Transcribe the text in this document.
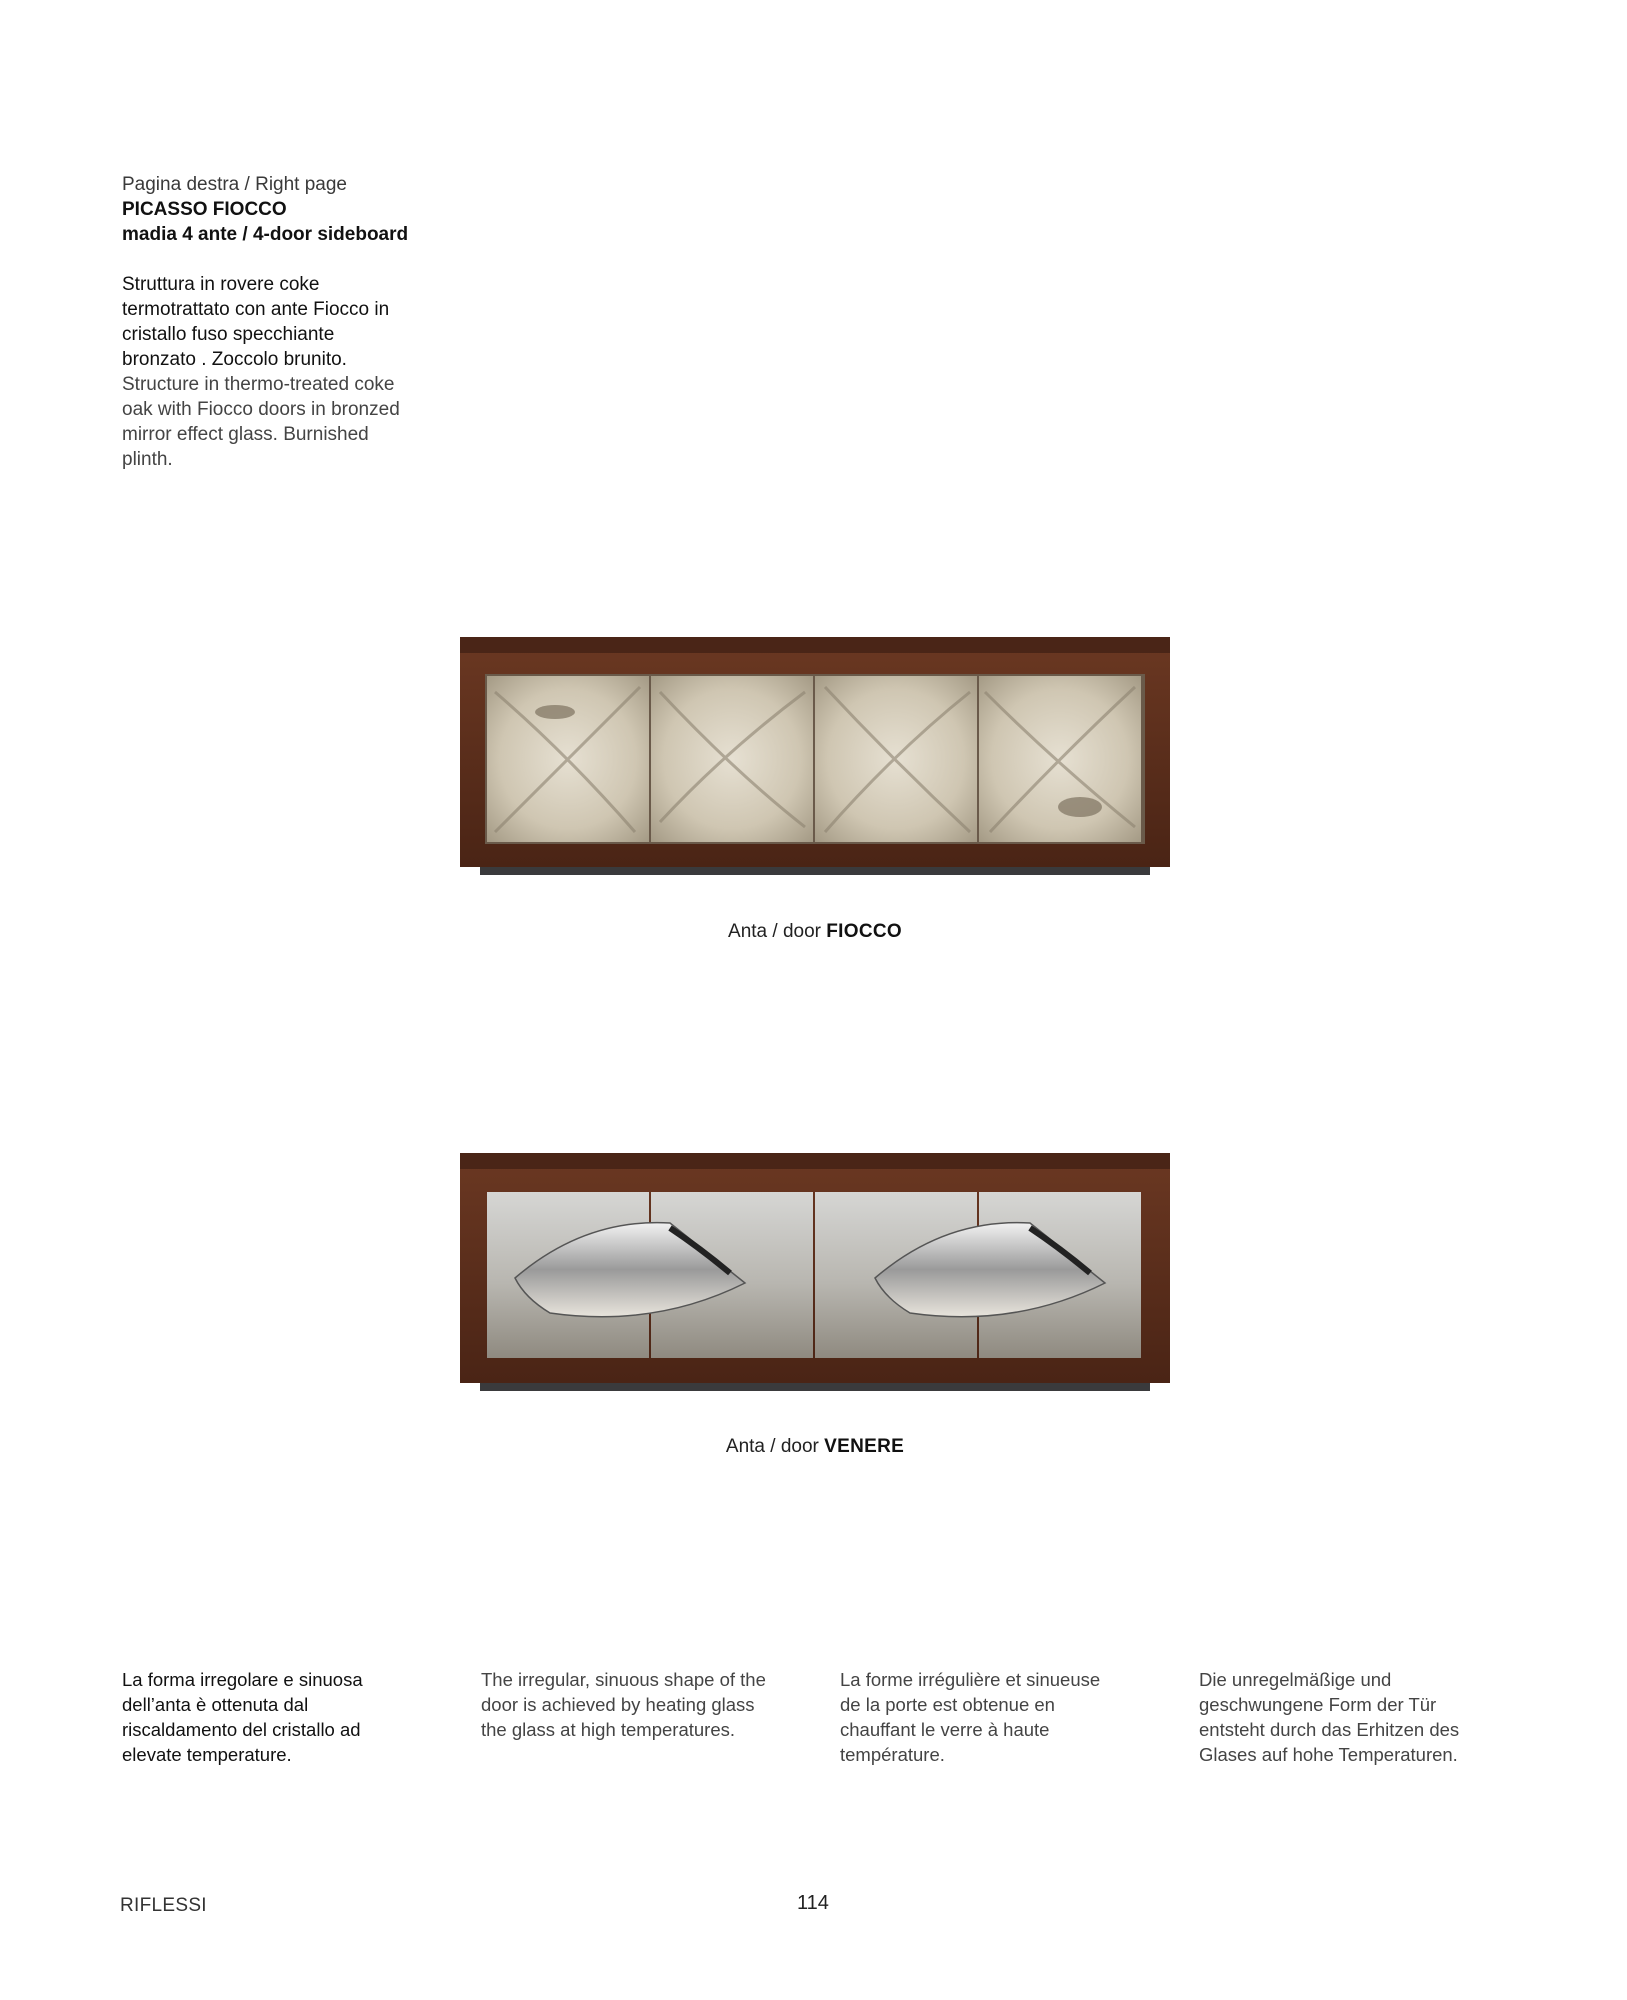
Pagina destra / Right page
PICASSO FIOCCO
madia 4 ante / 4-door sideboard
Struttura in rovere coke termotrattato con ante Fiocco in cristallo fuso specchiante bronzato . Zoccolo brunito. Structure in thermo-treated coke oak with Fiocco doors in bronzed mirror effect glass. Burnished plinth.
Anta / door FIOCCO
Anta / door VENERE
La forma irregolare e sinuosa dell’anta è ottenuta dal riscaldamento del cristallo ad elevate temperature.
The irregular, sinuous shape of the door is achieved by heating glass the glass at high temperatures.
La forme irrégulière et sinueuse de la porte est obtenue en chauffant le verre à haute température.
Die unregelmäßige und geschwungene Form der Tür entsteht durch das Erhitzen des Glases auf hohe Temperaturen.
RIFLESSI	114
